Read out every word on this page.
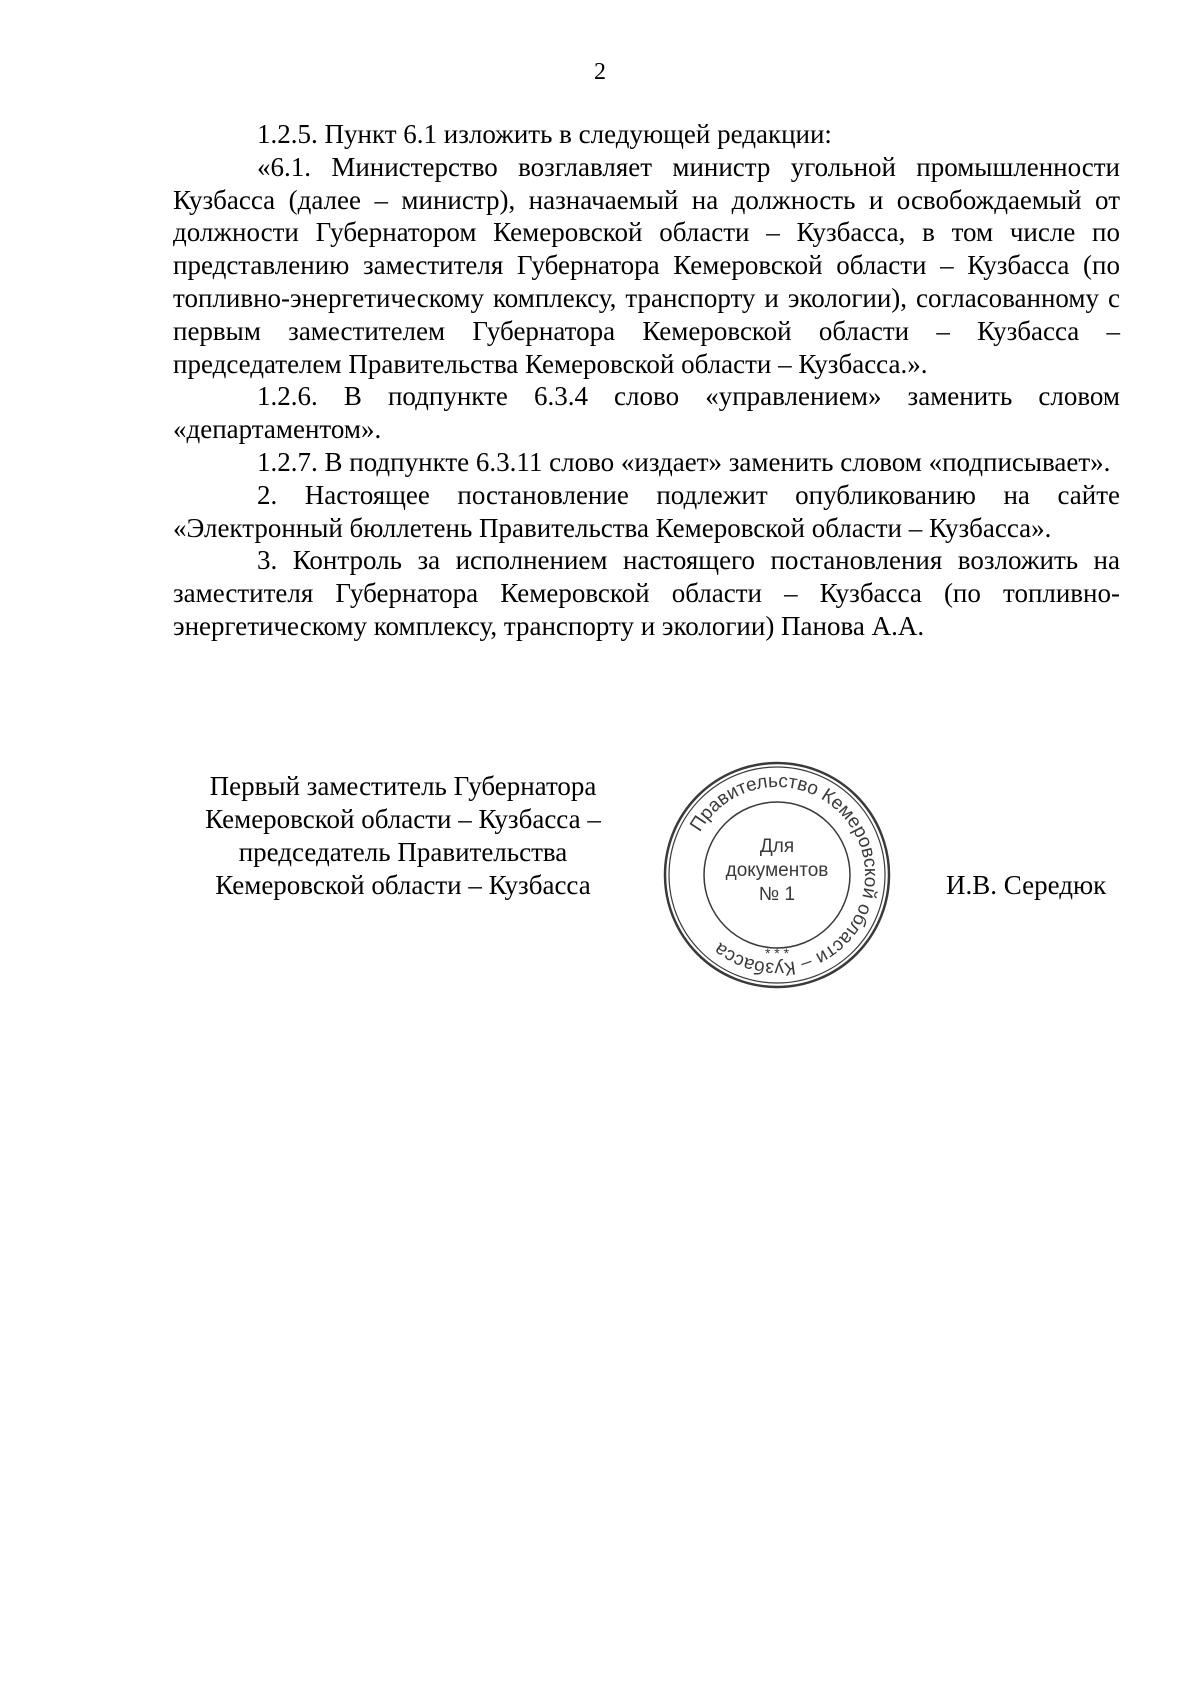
2

1.2.5. Пункт 6.1 изложить в следующей редакции:

«6.1. Министерство возглавляет министр угольной промышленности Кузбасса (далее – министр), назначаемый на должность и освобождаемый от должности Губернатором Кемеровской области – Кузбасса, в том числе по представлению заместителя Губернатора Кемеровской области – Кузбасса (по топливно-энергетическому комплексу, транспорту и экологии), согласованному с первым заместителем Губернатора Кемеровской области – Кузбасса – председателем Правительства Кемеровской области – Кузбасса.».

1.2.6. В подпункте 6.3.4 слово «управлением» заменить словом «департаментом».

1.2.7. В подпункте 6.3.11 слово «издает» заменить словом «подписывает».

2. Настоящее постановление подлежит опубликованию на сайте «Электронный бюллетень Правительства Кемеровской области – Кузбасса».

3. Контроль за исполнением настоящего постановления возложить на заместителя Губернатора Кемеровской области – Кузбасса (по топливно-энергетическому комплексу, транспорту и экологии) Панова А.А.

Первый заместитель Губернатора
Кемеровской области – Кузбасса –
председатель Правительства
Кемеровской области – Кузбасса
Правительство Кемеровской области – Кузбасса
Для
документов
№ 1
* * *
И.В. Середюк
